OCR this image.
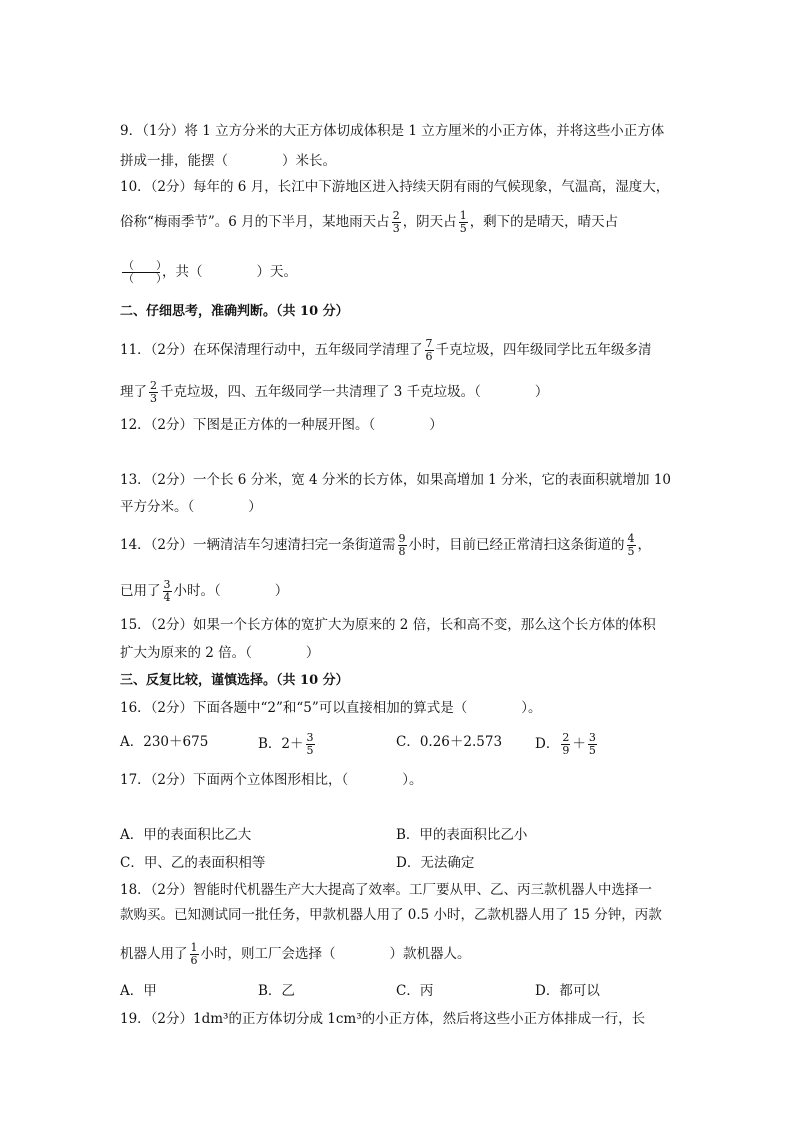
9．（1分）将 1 立方分米的大正方体切成体积是 1 立方厘米的小正方体，并将这些小正方体
拼成一排，能摆（　　　　）米长。
10．（2分）每年的 6 月，长江中下游地区进入持续天阴有雨的气候现象，气温高，湿度大，
俗称“梅雨季节”。6 月的下半月，某地雨天占 $\frac{2}{3}$ ，阴天占 $\frac{1}{5}$ ，剩下的是晴天，晴天占
$\frac{( )}{( )}$ ，共（　　　　）天。
二、仔细思考，准确判断。（共 10 分）
11．（2分）在环保清理行动中，五年级同学清理了 $\frac{7}{6}$ 千克垃圾，四年级同学比五年级多清
理了 $\frac{2}{3}$ 千克垃圾，四、五年级同学一共清理了 3 千克垃圾。（　　　　）
12．（2分）下图是正方体的一种展开图。（　　　　）
13．（2分）一个长 6 分米，宽 4 分米的长方体，如果高增加 1 分米，它的表面积就增加 10
平方分米。（　　　　）
14．（2分）一辆清洁车匀速清扫完一条街道需 $\frac{9}{8}$ 小时，目前已经正常清扫这条街道的 $\frac{4}{5}$ ，
已用了 $\frac{3}{4}$ 小时。（　　　　）
15．（2分）如果一个长方体的宽扩大为原来的 2 倍，长和高不变，那么这个长方体的体积
扩大为原来的 2 倍。（　　　　）
三、反复比较，谨慎选择。（共 10 分）
16．（2分）下面各题中“2”和“5”可以直接相加的算式是（　　　　）。
A．230＋675	B．$2+ \frac{3}{5}$	C．0.26＋2.573 D． $\frac{2}{9} + \frac{3}{5}$
17．（2分）下面两个立体图形相比，（　　　　）。
A．甲的表面积比乙大	B．甲的表面积比乙小
C．甲、乙的表面积相等	D．无法确定
18．（2分）智能时代机器生产大大提高了效率。工厂要从甲、乙、丙三款机器人中选择一
款购买。已知测试同一批任务，甲款机器人用了 0.5 小时，乙款机器人用了 15 分钟，丙款
机器人用了 $\frac{1}{6}$ 小时，则工厂会选择（　　　　）款机器人。
A．甲	B．乙	C．丙	D．都可以
19．（2分）1dm³的正方体切分成 1cm³的小正方体，然后将这些小正方体排成一行，长
